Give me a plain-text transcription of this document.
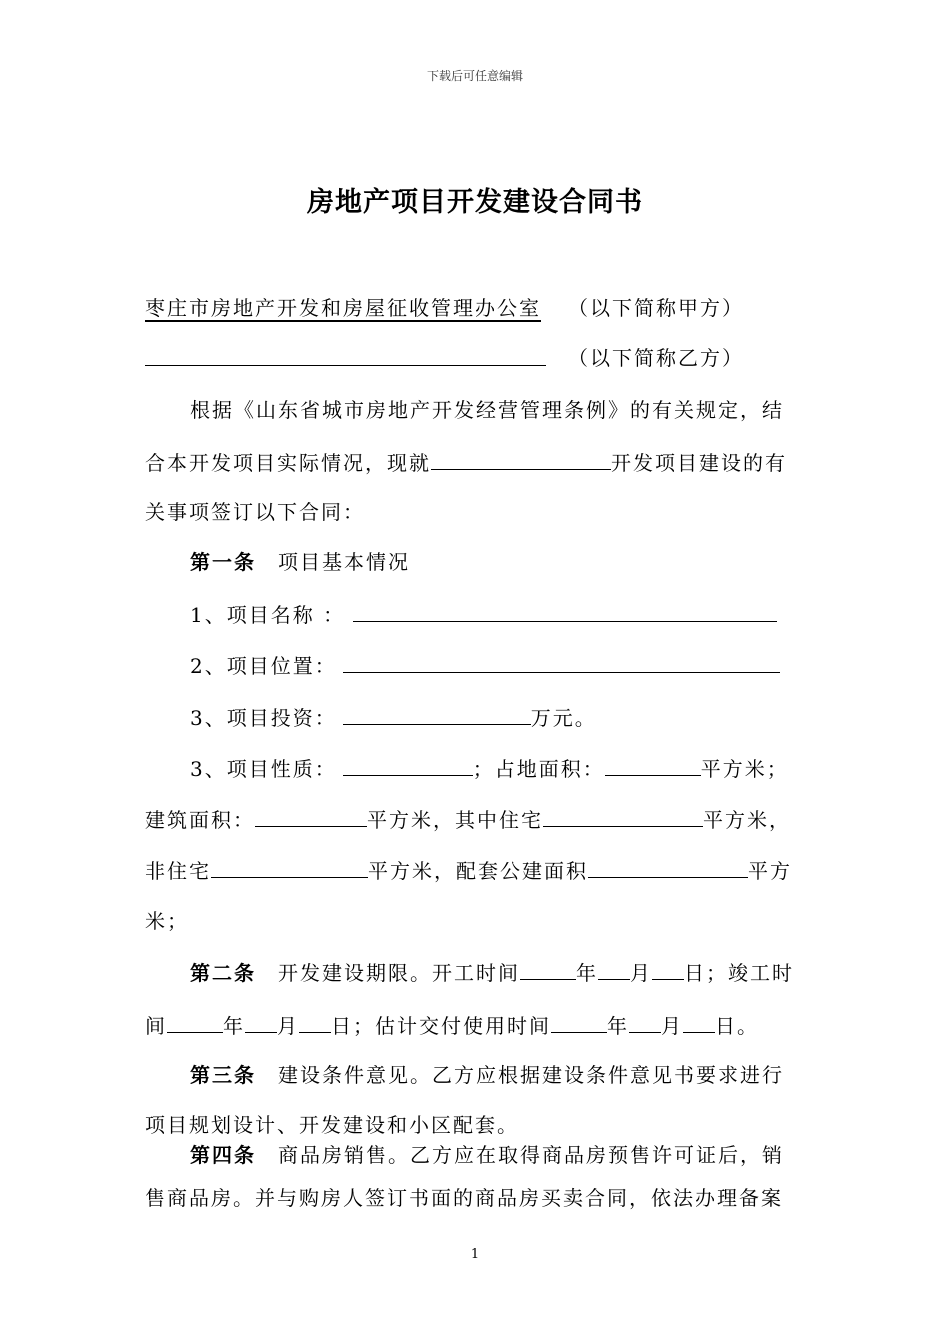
下载后可任意编辑
房地产项目开发建设合同书
枣庄市房地产开发和房屋征收管理办公室 （以下简称甲方）
（以下简称乙方）
根据《山东省城市房地产开发经营管理条例》的有关规定，结
合本开发项目实际情况，现就	开发项目建设的有
关事项签订以下合同：
第一条 项目基本情况
1、项目名称 ：
2、项目位置：
3、项目投资：	万元。
3、项目性质：	；占地面积：	平方米；
建筑面积：	平方米，其中住宅	平方米，
非住宅	平方米，配套公建面积	平方
米；
第二条 开发建设期限。开工时间	年 月 日；竣工时
间	年 月 日；估计交付使用时间	年 月 日。
第三条 建设条件意见。乙方应根据建设条件意见书要求进行
项目规划设计、开发建设和小区配套。
第四条 商品房销售。乙方应在取得商品房预售许可证后，销
售商品房。并与购房人签订书面的商品房买卖合同，依法办理备案
1
